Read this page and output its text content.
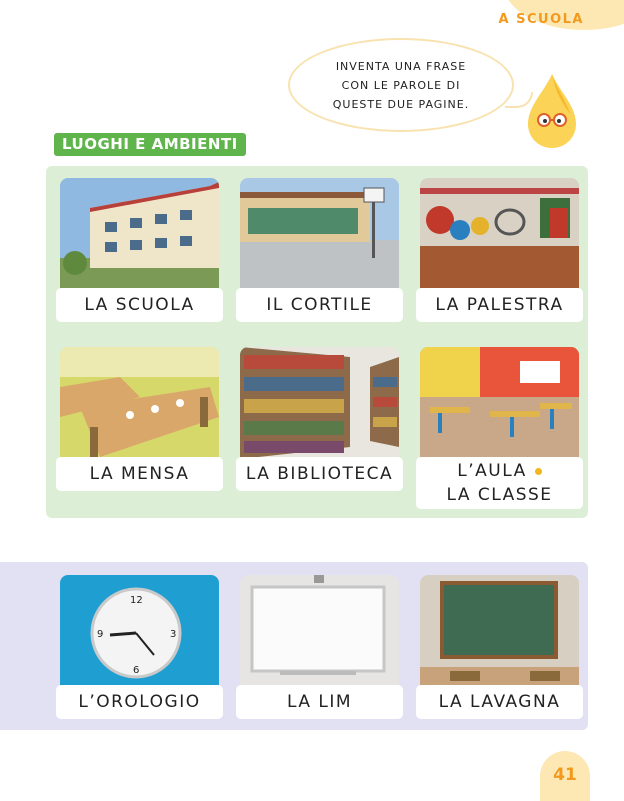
A SCUOLA
INVENTA UNA FRASE CON LE PAROLE DI QUESTE DUE PAGINE.
LUOGHI E AMBIENTI
LA SCUOLA	IL CORTILE	LA PALESTRA
LA MENSA	LA BIBLIOTECA	L’AULA
LA CLASSE
12
3
6
9
L’OROLOGIO	LA LIM	LA LAVAGNA
41
